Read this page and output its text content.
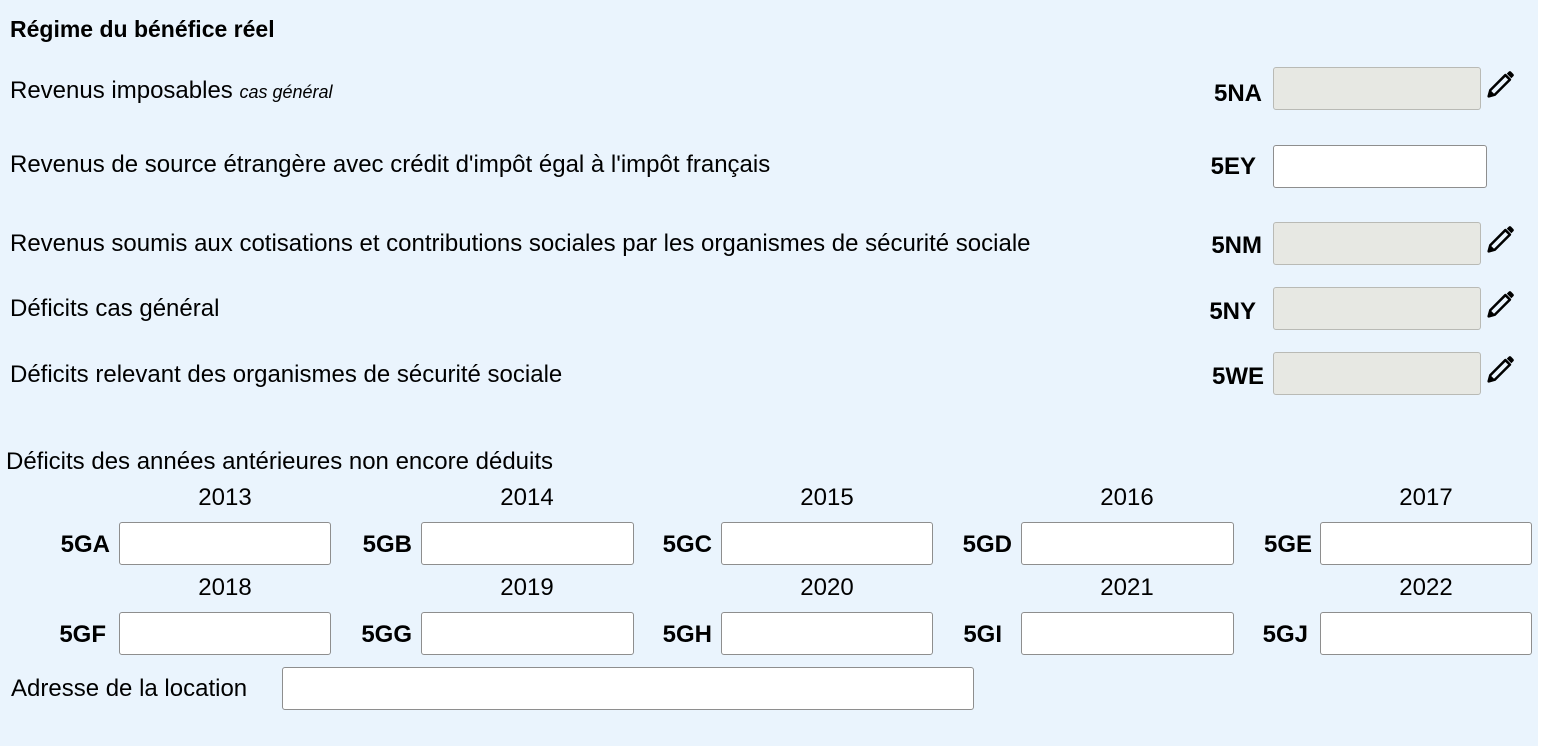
Régime du bénéfice réel
Revenus imposables cas général	5NA
Revenus de source étrangère avec crédit d'impôt égal à l'impôt français	5EY
Revenus soumis aux cotisations et contributions sociales par les organismes de sécurité sociale	5NM
Déficits cas général	5NY
Déficits relevant des organismes de sécurité sociale	5WE
Déficits des années antérieures non encore déduits
2013	2014	2015	2016	2017
5GA	5GB	5GC	5GD	5GE
2018	2019	2020	2021	2022
5GF	5GG	5GH	5GI	5GJ
Adresse de la location
